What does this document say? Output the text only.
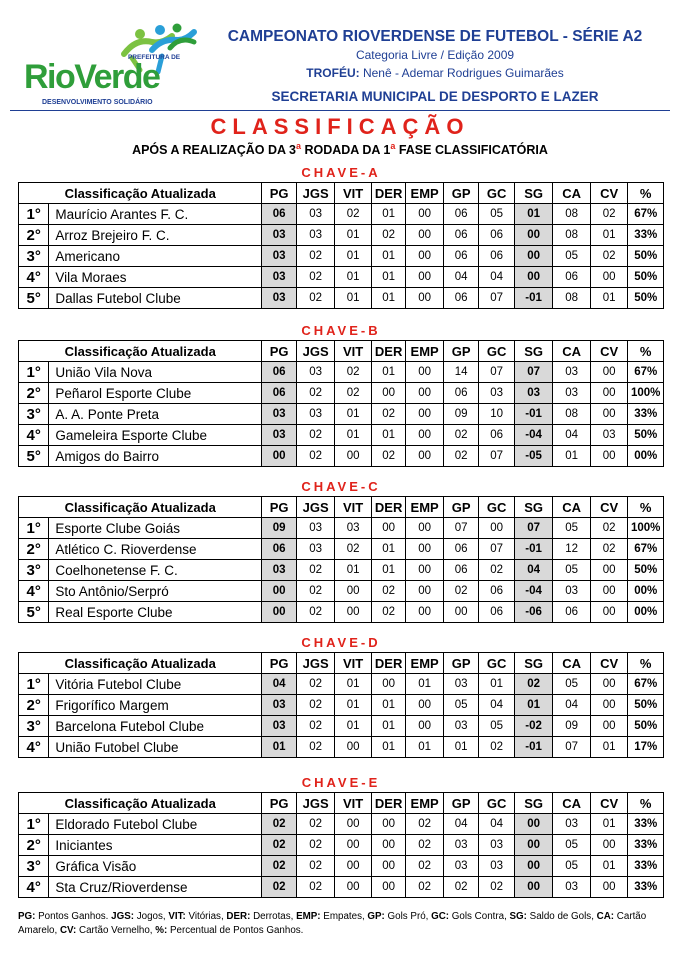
PREFEITURA DE
RioVerde
DESENVOLVIMENTO SOLIDÁRIO
CAMPEONATO RIOVERDENSE DE FUTEBOL - SÉRIE A2
Categoria Livre / Edição 2009
TROFÉU: Nenê - Ademar Rodrigues Guimarães
SECRETARIA MUNICIPAL DE DESPORTO E LAZER
CLASSIFICAÇÃO
APÓS A REALIZAÇÃO DA 3$^a$ RODADA DA 1$^a$ FASE CLASSIFICATÓRIA
CHAVE-A
Classificação Atualizada		PG	JGS	VIT	DER	EMP	GP	GC	SG	CA	CV	%
1°	Maurício Arantes F. C.	06	03	02	01	00	06	05	01	08	02	67%
2°	Arroz Brejeiro F. C.	03	03	01	02	00	06	06	00	08	01	33%
3°	Americano	03	02	01	01	00	06	06	00	05	02	50%
4°	Vila Moraes	03	02	01	01	00	04	04	00	06	00	50%
5°	Dallas Futebol Clube	03	02	01	01	00	06	07	-01	08	01	50%
CHAVE-B
Classificação Atualizada		PG	JGS	VIT	DER	EMP	GP	GC	SG	CA	CV	%
1°	União Vila Nova	06	03	02	01	00	14	07	07	03	00	67%
2°	Peñarol Esporte Clube	06	02	02	00	00	06	03	03	03	00	100%
3°	A. A. Ponte Preta	03	03	01	02	00	09	10	-01	08	00	33%
4°	Gameleira Esporte Clube	03	02	01	01	00	02	06	-04	04	03	50%
5°	Amigos do Bairro	00	02	00	02	00	02	07	-05	01	00	00%
CHAVE-C
Classificação Atualizada		PG	JGS	VIT	DER	EMP	GP	GC	SG	CA	CV	%
1°	Esporte Clube Goiás	09	03	03	00	00	07	00	07	05	02	100%
2°	Atlético C. Rioverdense	06	03	02	01	00	06	07	-01	12	02	67%
3°	Coelhonetense F. C.	03	02	01	01	00	06	02	04	05	00	50%
4°	Sto Antônio/Serpró	00	02	00	02	00	02	06	-04	03	00	00%
5°	Real Esporte Clube	00	02	00	02	00	00	06	-06	06	00	00%
CHAVE-D
Classificação Atualizada		PG	JGS	VIT	DER	EMP	GP	GC	SG	CA	CV	%
1°	Vitória Futebol Clube	04	02	01	00	01	03	01	02	05	00	67%
2°	Frigorífico Margem	03	02	01	01	00	05	04	01	04	00	50%
3°	Barcelona Futebol Clube	03	02	01	01	00	03	05	-02	09	00	50%
4°	União Futobel Clube	01	02	00	01	01	01	02	-01	07	01	17%
CHAVE-E
Classificação Atualizada		PG	JGS	VIT	DER	EMP	GP	GC	SG	CA	CV	%
1°	Eldorado Futebol Clube	02	02	00	00	02	04	04	00	03	01	33%
2°	Iniciantes	02	02	00	00	02	03	03	00	05	00	33%
3°	Gráfica Visão	02	02	00	00	02	03	03	00	05	01	33%
4°	Sta Cruz/Rioverdense	02	02	00	00	02	02	02	00	03	00	33%
PG: Pontos Ganhos. JGS: Jogos, VIT: Vitórias, DER: Derrotas, EMP: Empates, GP: Gols Pró, GC: Gols Contra, SG: Saldo de Gols, CA: Cartão Amarelo, CV: Cartão Vernelho, %: Percentual de Pontos Ganhos.
